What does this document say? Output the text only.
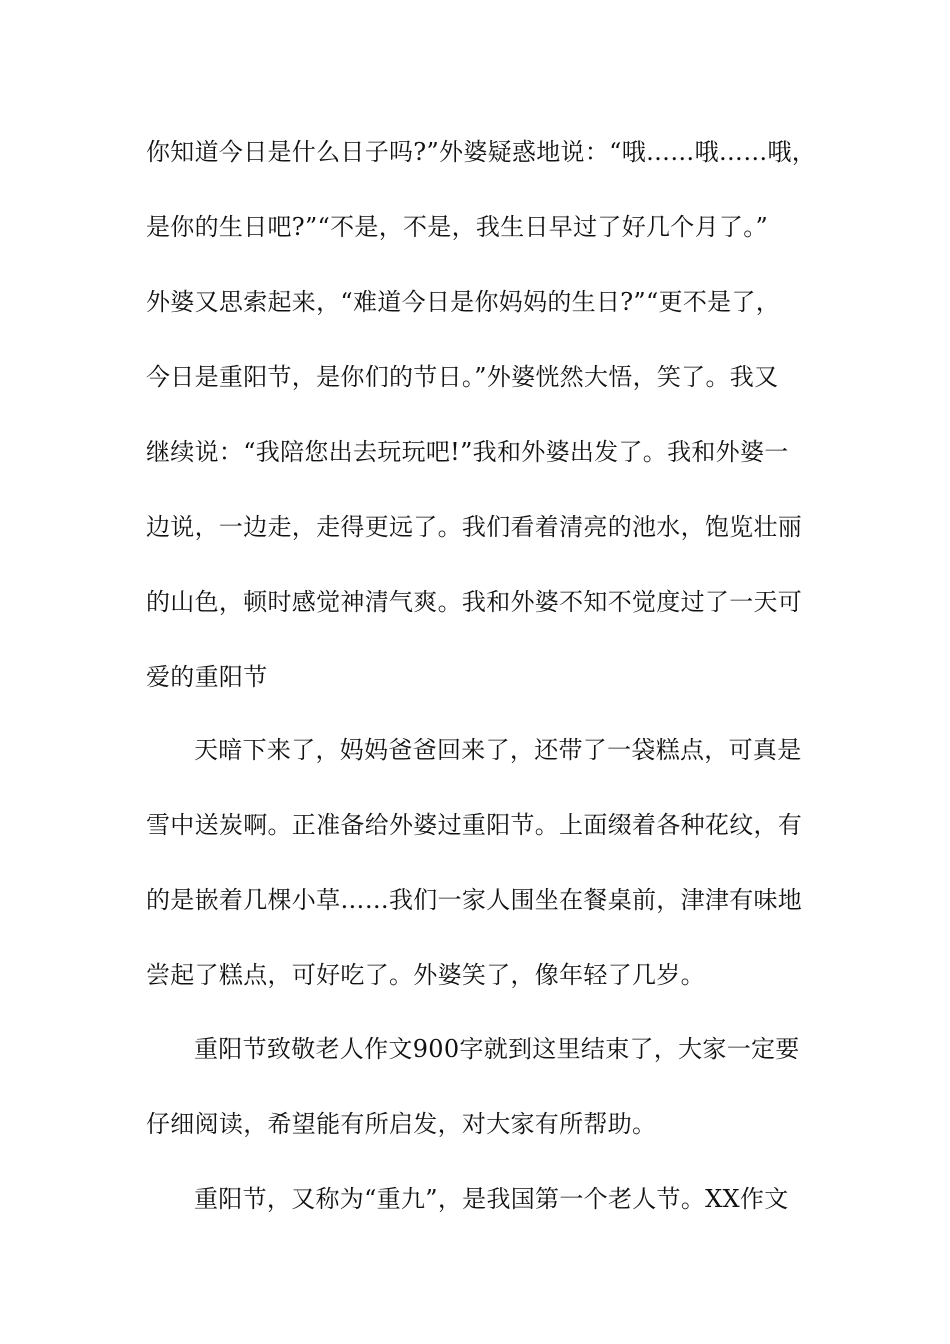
你知道今日是什么日子吗?”外婆疑惑地说：“哦……哦……哦，
是你的生日吧?”“不是，不是，我生日早过了好几个月了。”
外婆又思索起来，“难道今日是你妈妈的生日?”“更不是了，
今日是重阳节，是你们的节日。”外婆恍然大悟，笑了。我又
继续说：“我陪您出去玩玩吧!”我和外婆出发了。我和外婆一
边说，一边走，走得更远了。我们看着清亮的池水，饱览壮丽
的山色，顿时感觉神清气爽。我和外婆不知不觉度过了一天可
爱的重阳节
天暗下来了，妈妈爸爸回来了，还带了一袋糕点，可真是
雪中送炭啊。正准备给外婆过重阳节。上面缀着各种花纹，有
的是嵌着几棵小草……我们一家人围坐在餐桌前，津津有味地
尝起了糕点，可好吃了。外婆笑了，像年轻了几岁。
重阳节致敬老人作文900字就到这里结束了，大家一定要
仔细阅读，希望能有所启发，对大家有所帮助。
重阳节，又称为“重九”，是我国第一个老人节。XX作文
